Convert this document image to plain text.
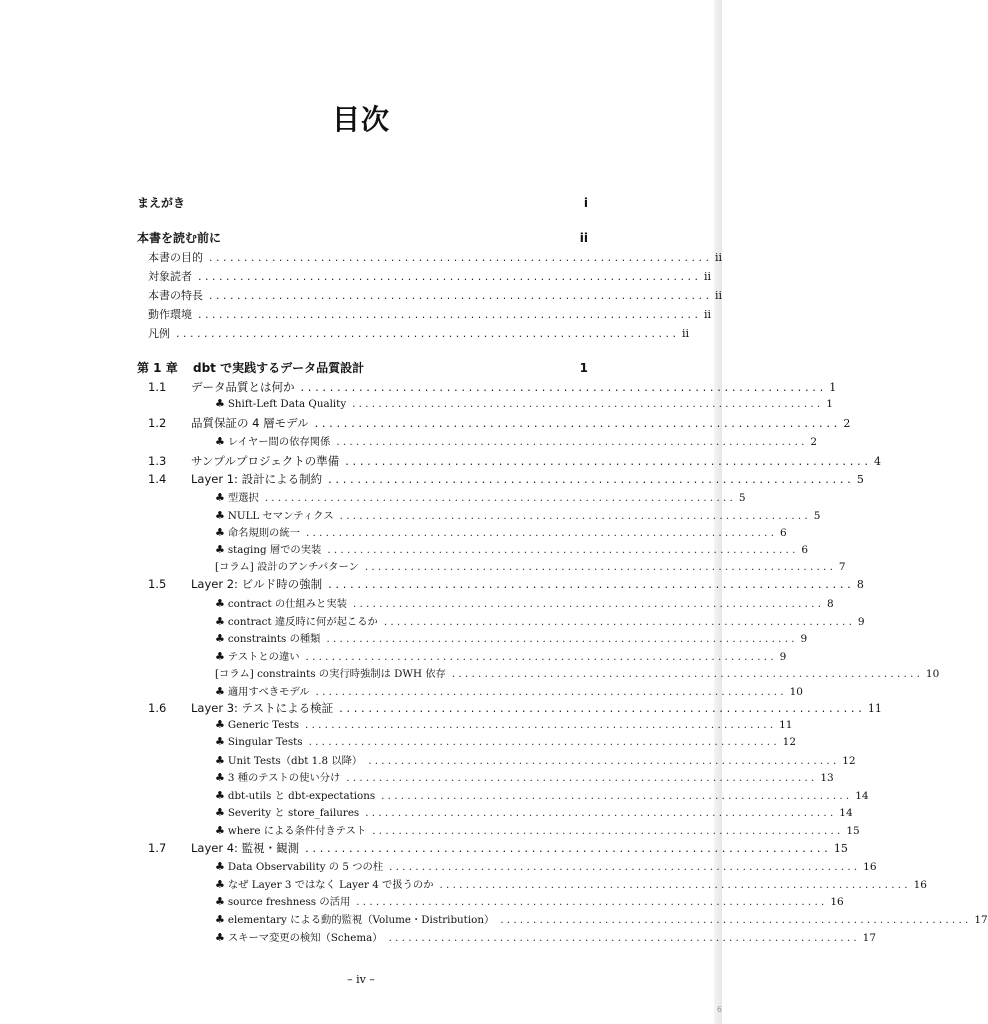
6
目次
まえがき	i
本書を読む前に	ii
本書の目的 . . . . . . . . . . . . . . . . . . . . . . . . . . . . . . . . . . . . . . . . . . . . . . . . . . . . . . . . . . . . . . . . . . . . . . . . ii
対象読者 . . . . . . . . . . . . . . . . . . . . . . . . . . . . . . . . . . . . . . . . . . . . . . . . . . . . . . . . . . . . . . . . . . . . . . . . ii
本書の特長 . . . . . . . . . . . . . . . . . . . . . . . . . . . . . . . . . . . . . . . . . . . . . . . . . . . . . . . . . . . . . . . . . . . . . . . . ii
動作環境 . . . . . . . . . . . . . . . . . . . . . . . . . . . . . . . . . . . . . . . . . . . . . . . . . . . . . . . . . . . . . . . . . . . . . . . . ii
凡例 . . . . . . . . . . . . . . . . . . . . . . . . . . . . . . . . . . . . . . . . . . . . . . . . . . . . . . . . . . . . . . . . . . . . . . . . ii
第 1 章	dbt で実践するデータ品質設計	1
1.1	データ品質とは何か . . . . . . . . . . . . . . . . . . . . . . . . . . . . . . . . . . . . . . . . . . . . . . . . . . . . . . . . . . . . . . . . . . . . . . . . 1
♣ Shift-Left Data Quality . . . . . . . . . . . . . . . . . . . . . . . . . . . . . . . . . . . . . . . . . . . . . . . . . . . . . . . . . . . . . . . . . . . . . . . . 1
1.2	品質保証の 4 層モデル . . . . . . . . . . . . . . . . . . . . . . . . . . . . . . . . . . . . . . . . . . . . . . . . . . . . . . . . . . . . . . . . . . . . . . . . 2
♣ レイヤー間の依存関係 . . . . . . . . . . . . . . . . . . . . . . . . . . . . . . . . . . . . . . . . . . . . . . . . . . . . . . . . . . . . . . . . . . . . . . . . 2
1.3	サンプルプロジェクトの準備 . . . . . . . . . . . . . . . . . . . . . . . . . . . . . . . . . . . . . . . . . . . . . . . . . . . . . . . . . . . . . . . . . . . . . . . . 4
1.4	Layer 1: 設計による制約 . . . . . . . . . . . . . . . . . . . . . . . . . . . . . . . . . . . . . . . . . . . . . . . . . . . . . . . . . . . . . . . . . . . . . . . . 5
♣ 型選択 . . . . . . . . . . . . . . . . . . . . . . . . . . . . . . . . . . . . . . . . . . . . . . . . . . . . . . . . . . . . . . . . . . . . . . . . 5
♣ NULL セマンティクス . . . . . . . . . . . . . . . . . . . . . . . . . . . . . . . . . . . . . . . . . . . . . . . . . . . . . . . . . . . . . . . . . . . . . . . . 5
♣ 命名規則の統一 . . . . . . . . . . . . . . . . . . . . . . . . . . . . . . . . . . . . . . . . . . . . . . . . . . . . . . . . . . . . . . . . . . . . . . . . 6
♣ staging 層での実装 . . . . . . . . . . . . . . . . . . . . . . . . . . . . . . . . . . . . . . . . . . . . . . . . . . . . . . . . . . . . . . . . . . . . . . . . 6
[コラム] 設計のアンチパターン . . . . . . . . . . . . . . . . . . . . . . . . . . . . . . . . . . . . . . . . . . . . . . . . . . . . . . . . . . . . . . . . . . . . . . . . 7
1.5	Layer 2: ビルド時の強制 . . . . . . . . . . . . . . . . . . . . . . . . . . . . . . . . . . . . . . . . . . . . . . . . . . . . . . . . . . . . . . . . . . . . . . . . 8
♣ contract の仕組みと実装 . . . . . . . . . . . . . . . . . . . . . . . . . . . . . . . . . . . . . . . . . . . . . . . . . . . . . . . . . . . . . . . . . . . . . . . . 8
♣ contract 違反時に何が起こるか . . . . . . . . . . . . . . . . . . . . . . . . . . . . . . . . . . . . . . . . . . . . . . . . . . . . . . . . . . . . . . . . . . . . . . . . 9
♣ constraints の種類 . . . . . . . . . . . . . . . . . . . . . . . . . . . . . . . . . . . . . . . . . . . . . . . . . . . . . . . . . . . . . . . . . . . . . . . . 9
♣ テストとの違い . . . . . . . . . . . . . . . . . . . . . . . . . . . . . . . . . . . . . . . . . . . . . . . . . . . . . . . . . . . . . . . . . . . . . . . . 9
[コラム] constraints の実行時強制は DWH 依存 . . . . . . . . . . . . . . . . . . . . . . . . . . . . . . . . . . . . . . . . . . . . . . . . . . . . . . . . . . . . . . . . . . . . . . . . 10
♣ 適用すべきモデル . . . . . . . . . . . . . . . . . . . . . . . . . . . . . . . . . . . . . . . . . . . . . . . . . . . . . . . . . . . . . . . . . . . . . . . . 10
1.6	Layer 3: テストによる検証 . . . . . . . . . . . . . . . . . . . . . . . . . . . . . . . . . . . . . . . . . . . . . . . . . . . . . . . . . . . . . . . . . . . . . . . . 11
♣ Generic Tests . . . . . . . . . . . . . . . . . . . . . . . . . . . . . . . . . . . . . . . . . . . . . . . . . . . . . . . . . . . . . . . . . . . . . . . . 11
♣ Singular Tests . . . . . . . . . . . . . . . . . . . . . . . . . . . . . . . . . . . . . . . . . . . . . . . . . . . . . . . . . . . . . . . . . . . . . . . . 12
♣ Unit Tests（dbt 1.8 以降） . . . . . . . . . . . . . . . . . . . . . . . . . . . . . . . . . . . . . . . . . . . . . . . . . . . . . . . . . . . . . . . . . . . . . . . . 12
♣ 3 種のテストの使い分け . . . . . . . . . . . . . . . . . . . . . . . . . . . . . . . . . . . . . . . . . . . . . . . . . . . . . . . . . . . . . . . . . . . . . . . . 13
♣ dbt-utils と dbt-expectations . . . . . . . . . . . . . . . . . . . . . . . . . . . . . . . . . . . . . . . . . . . . . . . . . . . . . . . . . . . . . . . . . . . . . . . . 14
♣ Severity と store_failures . . . . . . . . . . . . . . . . . . . . . . . . . . . . . . . . . . . . . . . . . . . . . . . . . . . . . . . . . . . . . . . . . . . . . . . . 14
♣ where による条件付きテスト . . . . . . . . . . . . . . . . . . . . . . . . . . . . . . . . . . . . . . . . . . . . . . . . . . . . . . . . . . . . . . . . . . . . . . . . 15
1.7	Layer 4: 監視・観測 . . . . . . . . . . . . . . . . . . . . . . . . . . . . . . . . . . . . . . . . . . . . . . . . . . . . . . . . . . . . . . . . . . . . . . . . 15
♣ Data Observability の 5 つの柱 . . . . . . . . . . . . . . . . . . . . . . . . . . . . . . . . . . . . . . . . . . . . . . . . . . . . . . . . . . . . . . . . . . . . . . . . 16
♣ なぜ Layer 3 ではなく Layer 4 で扱うのか . . . . . . . . . . . . . . . . . . . . . . . . . . . . . . . . . . . . . . . . . . . . . . . . . . . . . . . . . . . . . . . . . . . . . . . . 16
♣ source freshness の活用 . . . . . . . . . . . . . . . . . . . . . . . . . . . . . . . . . . . . . . . . . . . . . . . . . . . . . . . . . . . . . . . . . . . . . . . . 16
♣ elementary による動的監視（Volume・Distribution） . . . . . . . . . . . . . . . . . . . . . . . . . . . . . . . . . . . . . . . . . . . . . . . . . . . . . . . . . . . . . . . . . . . . . . . . 17
♣ スキーマ変更の検知（Schema） . . . . . . . . . . . . . . . . . . . . . . . . . . . . . . . . . . . . . . . . . . . . . . . . . . . . . . . . . . . . . . . . . . . . . . . . 17
– iv –
